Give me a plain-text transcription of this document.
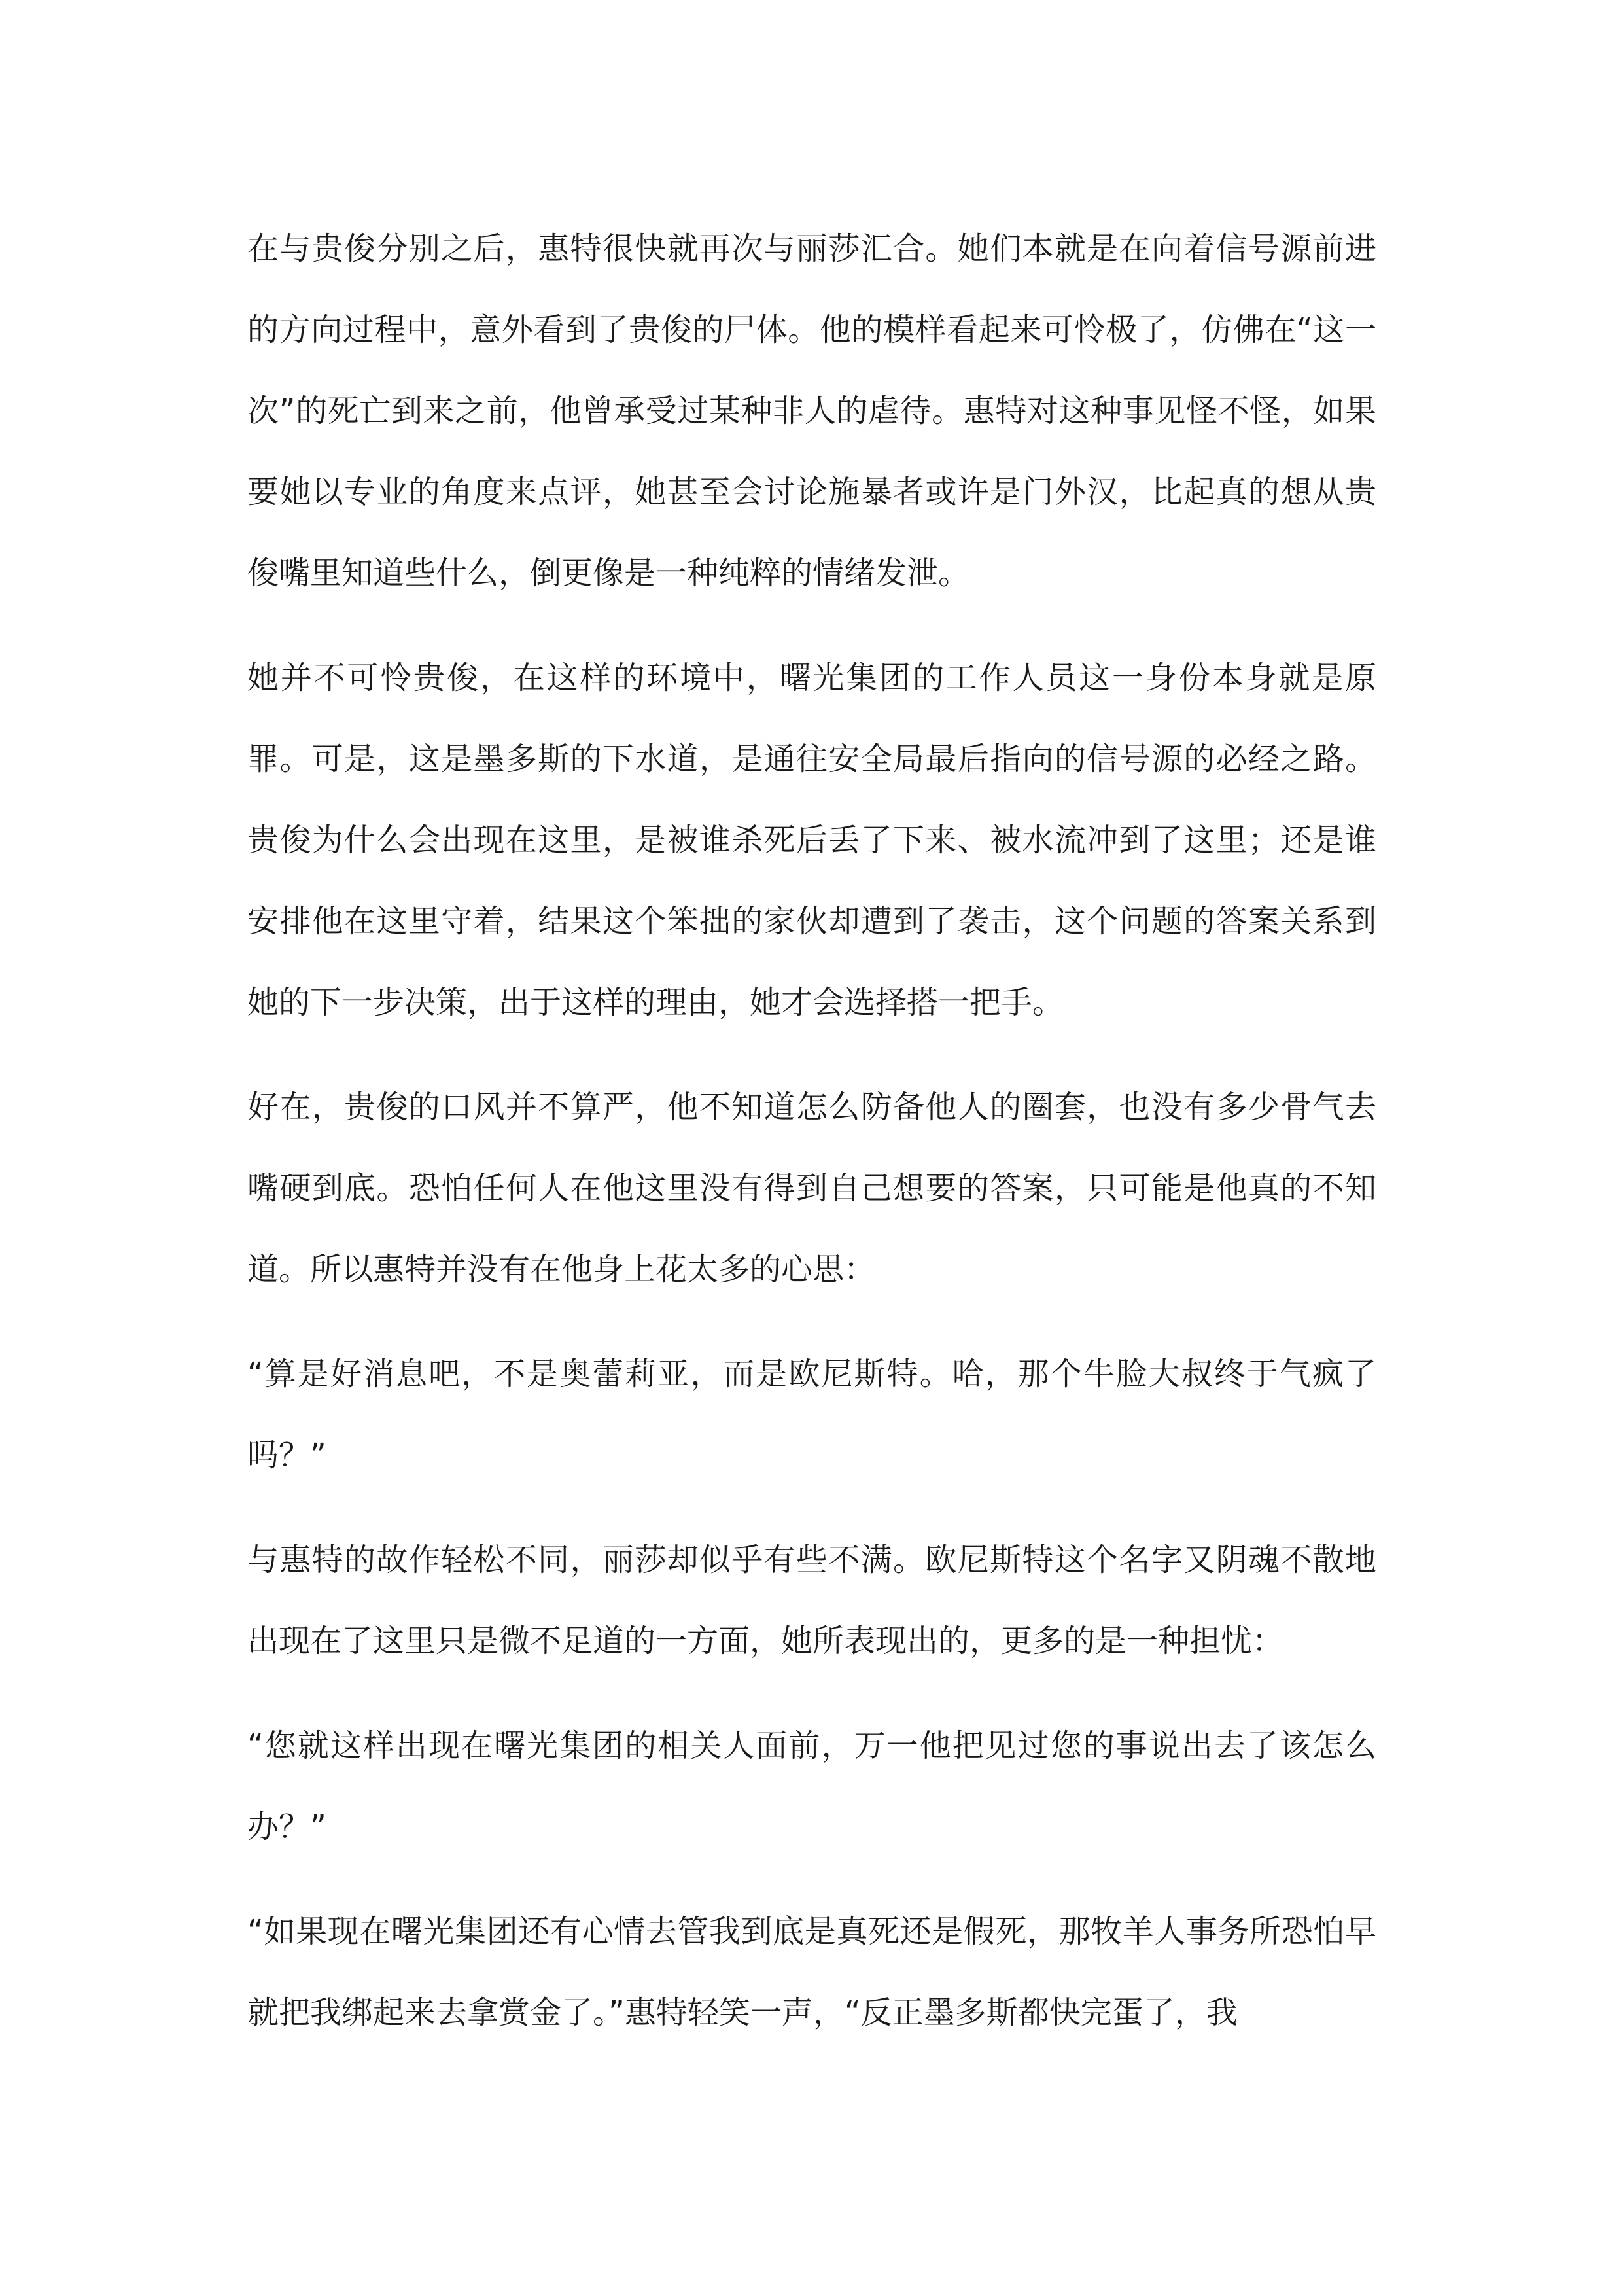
在与贵俊分别之后，惠特很快就再次与丽莎汇合。她们本就是在向着信号源前进的方向过程中，意外看到了贵俊的尸体。他的模样看起来可怜极了，仿佛在“这一次”的死亡到来之前，他曾承受过某种非人的虐待。惠特对这种事见怪不怪，如果要她以专业的角度来点评，她甚至会讨论施暴者或许是门外汉，比起真的想从贵俊嘴里知道些什么，倒更像是一种纯粹的情绪发泄。

她并不可怜贵俊，在这样的环境中，曙光集团的工作人员这一身份本身就是原罪。可是，这是墨多斯的下水道，是通往安全局最后指向的信号源的必经之路。贵俊为什么会出现在这里，是被谁杀死后丢了下来、被水流冲到了这里；还是谁安排他在这里守着，结果这个笨拙的家伙却遭到了袭击，这个问题的答案关系到她的下一步决策，出于这样的理由，她才会选择搭一把手。

好在，贵俊的口风并不算严，他不知道怎么防备他人的圈套，也没有多少骨气去嘴硬到底。恐怕任何人在他这里没有得到自己想要的答案，只可能是他真的不知道。所以惠特并没有在他身上花太多的心思：

“算是好消息吧，不是奥蕾莉亚，而是欧尼斯特。哈，那个牛脸大叔终于气疯了吗？”

与惠特的故作轻松不同，丽莎却似乎有些不满。欧尼斯特这个名字又阴魂不散地出现在了这里只是微不足道的一方面，她所表现出的，更多的是一种担忧：

“您就这样出现在曙光集团的相关人面前，万一他把见过您的事说出去了该怎么办？”

“如果现在曙光集团还有心情去管我到底是真死还是假死，那牧羊人事务所恐怕早就把我绑起来去拿赏金了。”惠特轻笑一声，“反正墨多斯都快完蛋了，我
